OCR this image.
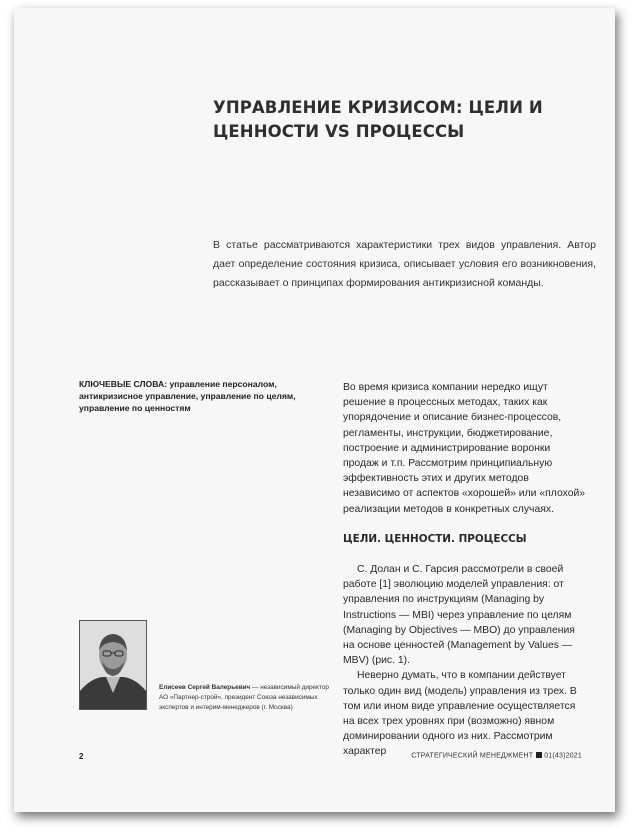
УПРАВЛЕНИЕ КРИЗИСОМ: ЦЕЛИ И ЦЕННОСТИ VS ПРОЦЕССЫ
В статье рассматриваются характеристики трех видов управления. Автор дает определение состояния кризиса, описывает условия его возникновения, рассказывает о принципах формирования антикризисной команды.
КЛЮЧЕВЫЕ СЛОВА: управление персоналом, антикризисное управление, управление по целям, управление по ценностям

Во время кризиса компании нередко ищут решение в процессных методах, таких как упорядочение и описание бизнес-процессов, регламенты, инструкции, бюджетирование, построение и администрирование воронки продаж и т.п. Рассмотрим принципиальную эффективность этих и других методов независимо от аспектов «хорошей» или «плохой» реализации методов в конкретных случаях.

ЦЕЛИ. ЦЕННОСТИ. ПРОЦЕССЫ

С. Долан и С. Гарсия рассмотрели в своей работе [1] эволюцию моделей управления: от управления по инструкциям (Managing by Instructions — MBI) через управление по целям (Managing by Objectives — MBO) до управления на основе ценностей (Management by Values — MBV) (рис. 1).

Неверно думать, что в компании действует только один вид (модель) управления из трех. В том или ином виде управление осуществляется на всех трех уровнях при (возможно) явном доминировании одного из них. Рассмотрим характер

Елисеев Сергей Валерьевич — независимый директор АО «Партнер-строй», президент Союза независимых экспертов и интерим-менеджеров (г. Москва)
2	СТРАТЕГИЧЕСКИЙ МЕНЕДЖМЕНТ 01(43)2021
